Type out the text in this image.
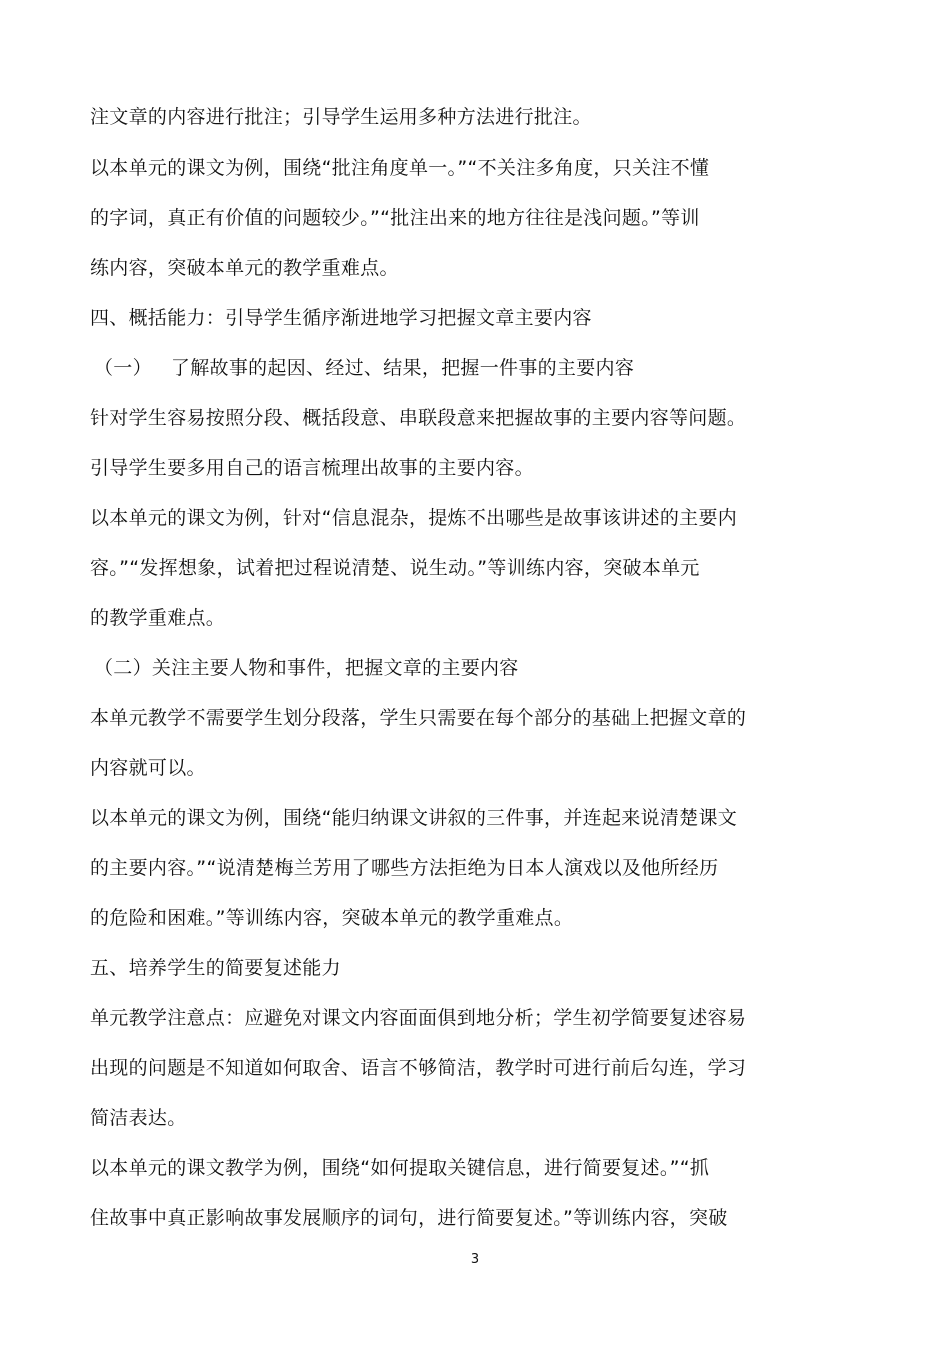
注文章的内容进行批注；引导学生运用多种方法进行批注。
以本单元的课文为例，围绕“批注角度单一。”“不关注多角度，只关注不懂
的字词，真正有价值的问题较少。”“批注出来的地方往往是浅问题。”等训
练内容，突破本单元的教学重难点。
四、概括能力：引导学生循序渐进地学习把握文章主要内容
（一）   了解故事的起因、经过、结果，把握一件事的主要内容
针对学生容易按照分段、概括段意、串联段意来把握故事的主要内容等问题。
引导学生要多用自己的语言梳理出故事的主要内容。
以本单元的课文为例，针对“信息混杂，提炼不出哪些是故事该讲述的主要内
容。”“发挥想象，试着把过程说清楚、说生动。”等训练内容，突破本单元
的教学重难点。
（二）关注主要人物和事件，把握文章的主要内容
本单元教学不需要学生划分段落，学生只需要在每个部分的基础上把握文章的
内容就可以。
以本单元的课文为例，围绕“能归纳课文讲叙的三件事，并连起来说清楚课文
的主要内容。”“说清楚梅兰芳用了哪些方法拒绝为日本人演戏以及他所经历
的危险和困难。”等训练内容，突破本单元的教学重难点。
五、培养学生的简要复述能力
单元教学注意点：应避免对课文内容面面俱到地分析；学生初学简要复述容易
出现的问题是不知道如何取舍、语言不够简洁，教学时可进行前后勾连，学习
简洁表达。
以本单元的课文教学为例，围绕“如何提取关键信息，进行简要复述。”“抓
住故事中真正影响故事发展顺序的词句，进行简要复述。”等训练内容，突破
3
